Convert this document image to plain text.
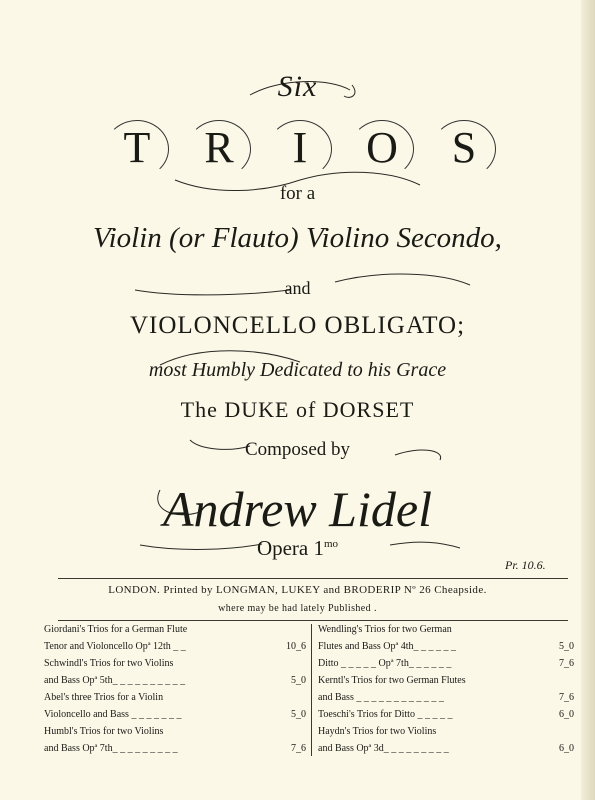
Six
T	R	I	O	S
for a
Violin (or Flauto) Violino Secondo,
and
VIOLONCELLO OBLIGATO;
most Humbly Dedicated to his Grace
The DUKE of DORSET
Composed by
Andrew Lidel
Opera $1^{mo}$
Pr. 10.6.
LONDON. Printed by LONGMAN, LUKEY and BRODERIP Nº 26 Cheapside.
where may be had lately Published .
Giordani's Trios for a German Flute
Tenor and Violoncello Opª 12th _ _	10_6
Schwindl's Trios for two Violins
and Bass Opª 5th_ _ _ _ _ _ _ _ _ _	5_0
Abel's three Trios for a Violin
Violoncello and Bass _ _ _ _ _ _ _	5_0
Humbl's Trios for two Violins
and Bass Opª 7th_ _ _ _ _ _ _ _ _	7_6
Wendling's Trios for two German
Flutes and Bass Opª 4th_ _ _ _ _ _	5_0
Ditto _ _ _ _ _ Opª 7th_ _ _ _ _ _	7_6
Kerntl's Trios for two German Flutes
and Bass _ _ _ _ _ _ _ _ _ _ _ _	7_6
Toeschi's Trios for Ditto _ _ _ _ _	6_0
Haydn's Trios for two Violins
and Bass Opª 3d_ _ _ _ _ _ _ _ _	6_0
